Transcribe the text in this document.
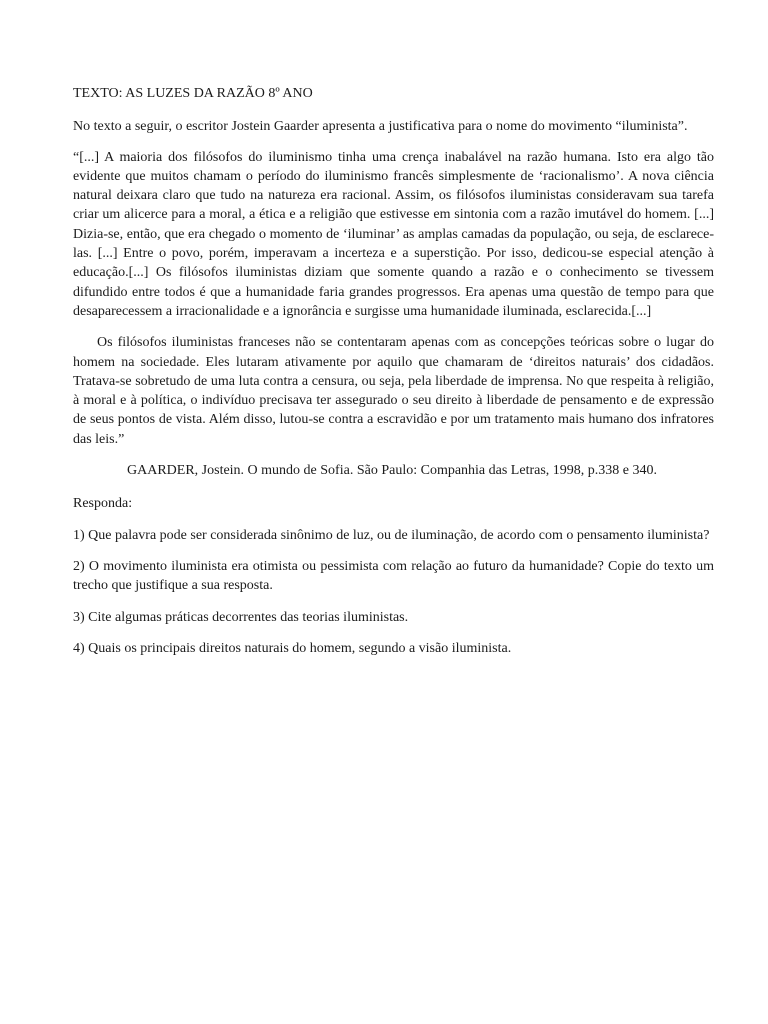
TEXTO: AS LUZES DA RAZÃO 8º ANO

No texto a seguir, o escritor Jostein Gaarder apresenta a justificativa para o nome do movimento “iluminista”.

“[...] A maioria dos filósofos do iluminismo tinha uma crença inabalável na razão humana. Isto era algo tão evidente que muitos chamam o período do iluminismo francês simplesmente de ‘racionalismo’. A nova ciência natural deixara claro que tudo na natureza era racional. Assim, os filósofos iluministas consideravam sua tarefa criar um alicerce para a moral, a ética e a religião que estivesse em sintonia com a razão imutável do homem. [...] Dizia-se, então, que era chegado o momento de ‘iluminar’ as amplas camadas da população, ou seja, de esclarece-las. [...] Entre o povo, porém, imperavam a incerteza e a superstição. Por isso, dedicou-se especial atenção à educação.[...] Os filósofos iluministas diziam que somente quando a razão e o conhecimento se tivessem difundido entre todos é que a humanidade faria grandes progressos. Era apenas uma questão de tempo para que desaparecessem a irracionalidade e a ignorância e surgisse uma humanidade iluminada, esclarecida.[...]

Os filósofos iluministas franceses não se contentaram apenas com as concepções teóricas sobre o lugar do homem na sociedade. Eles lutaram ativamente por aquilo que chamaram de ‘direitos naturais’ dos cidadãos. Tratava-se sobretudo de uma luta contra a censura, ou seja, pela liberdade de imprensa. No que respeita à religião, à moral e à política, o indivíduo precisava ter assegurado o seu direito à liberdade de pensamento e de expressão de seus pontos de vista. Além disso, lutou-se contra a escravidão e por um tratamento mais humano dos infratores das leis.”

GAARDER, Jostein. O mundo de Sofia. São Paulo: Companhia das Letras, 1998, p.338 e 340.

Responda:

1) Que palavra pode ser considerada sinônimo de luz, ou de iluminação, de acordo com o pensamento iluminista?

2) O movimento iluminista era otimista ou pessimista com relação ao futuro da humanidade? Copie do texto um trecho que justifique a sua resposta.

3) Cite algumas práticas decorrentes das teorias iluministas.

4) Quais os principais direitos naturais do homem, segundo a visão iluminista.
